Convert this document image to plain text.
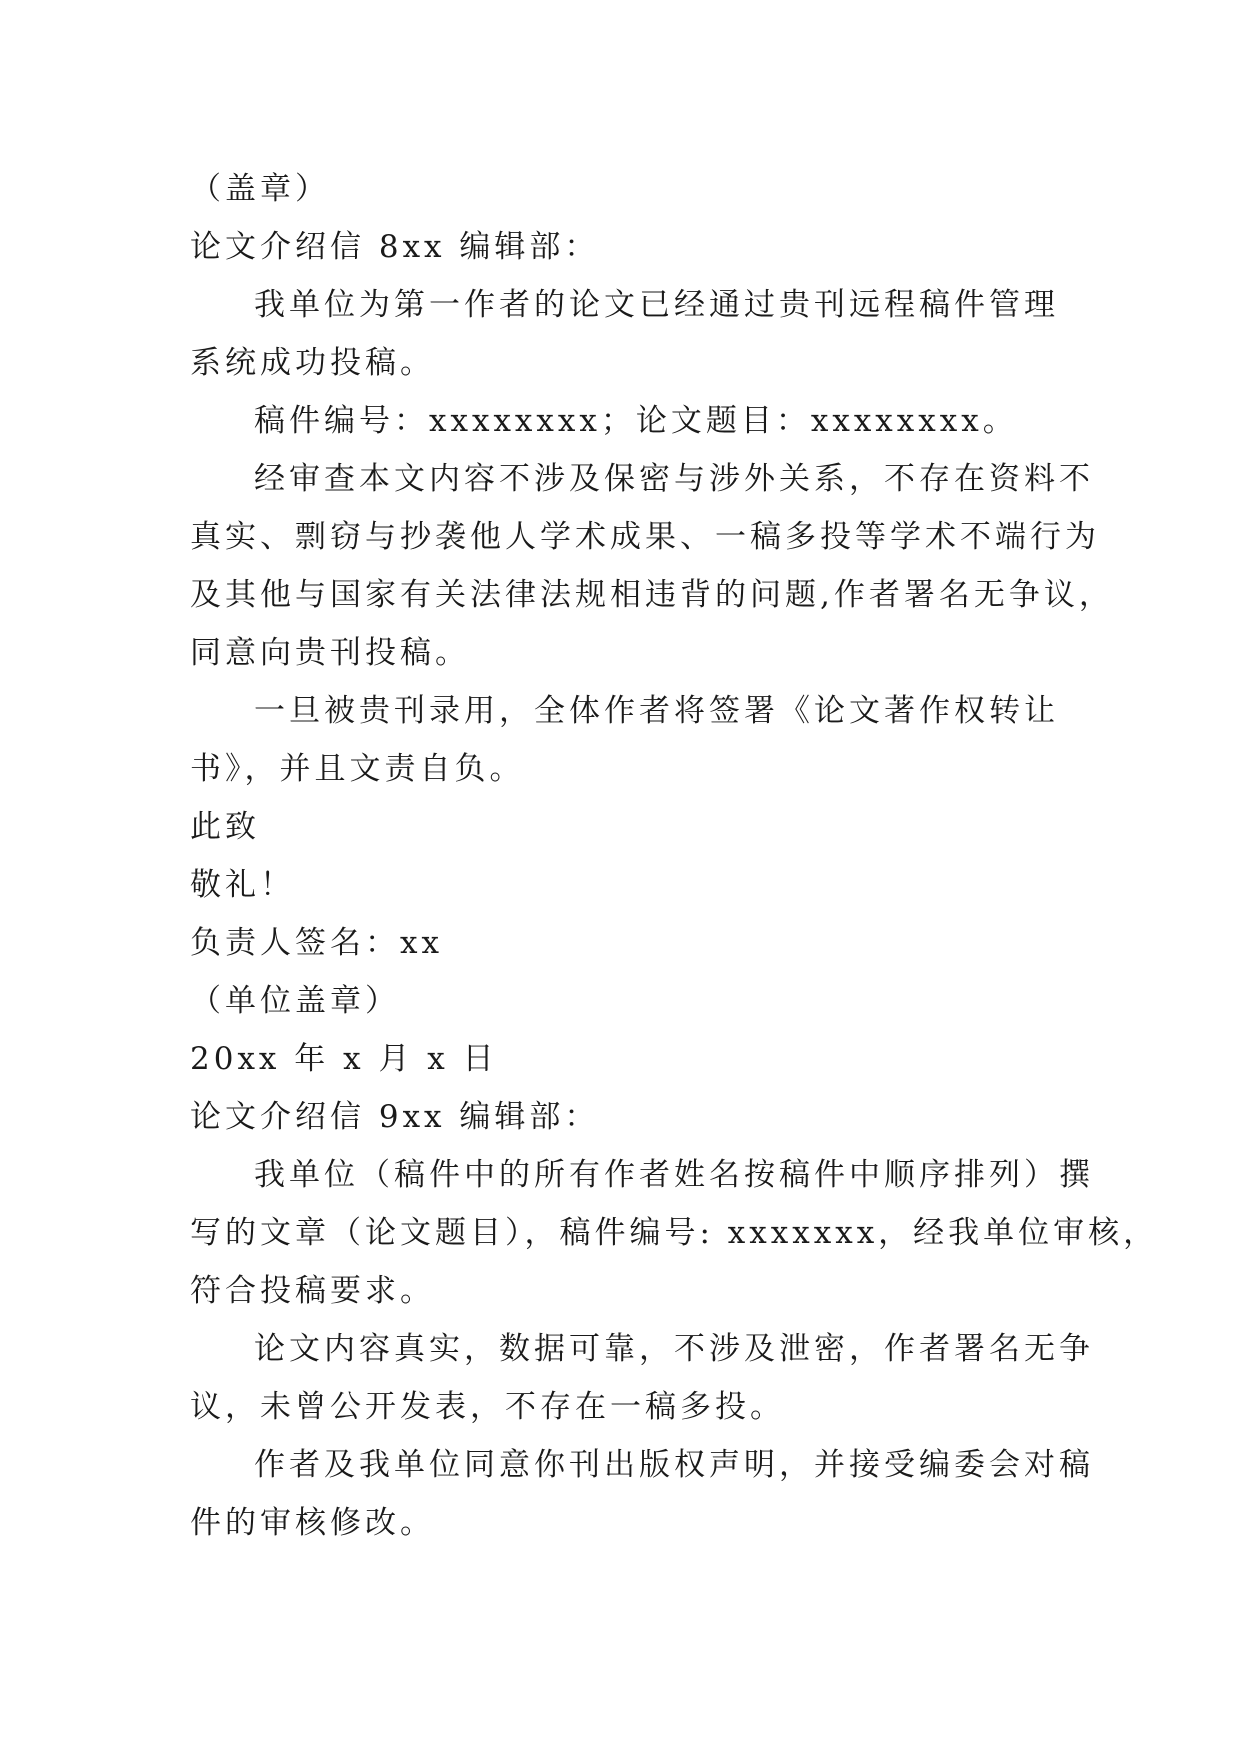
（盖章）
论文介绍信 8xx 编辑部：
我单位为第一作者的论文已经通过贵刊远程稿件管理
系统成功投稿。
稿件编号：xxxxxxxx；论文题目：xxxxxxxx。
经审查本文内容不涉及保密与涉外关系，不存在资料不
真实、剽窃与抄袭他人学术成果、一稿多投等学术不端行为
及其他与国家有关法律法规相违背的问题,作者署名无争议，
同意向贵刊投稿。
一旦被贵刊录用，全体作者将签署《论文著作权转让
书》，并且文责自负。
此致
敬礼！
负责人签名：xx
（单位盖章）
20xx 年 x 月 x 日
论文介绍信 9xx 编辑部：
我单位（稿件中的所有作者姓名按稿件中顺序排列）撰
写的文章（论文题目），稿件编号: xxxxxxx，经我单位审核，
符合投稿要求。
论文内容真实，数据可靠，不涉及泄密，作者署名无争
议，未曾公开发表，不存在一稿多投。
作者及我单位同意你刊出版权声明，并接受编委会对稿
件的审核修改。
